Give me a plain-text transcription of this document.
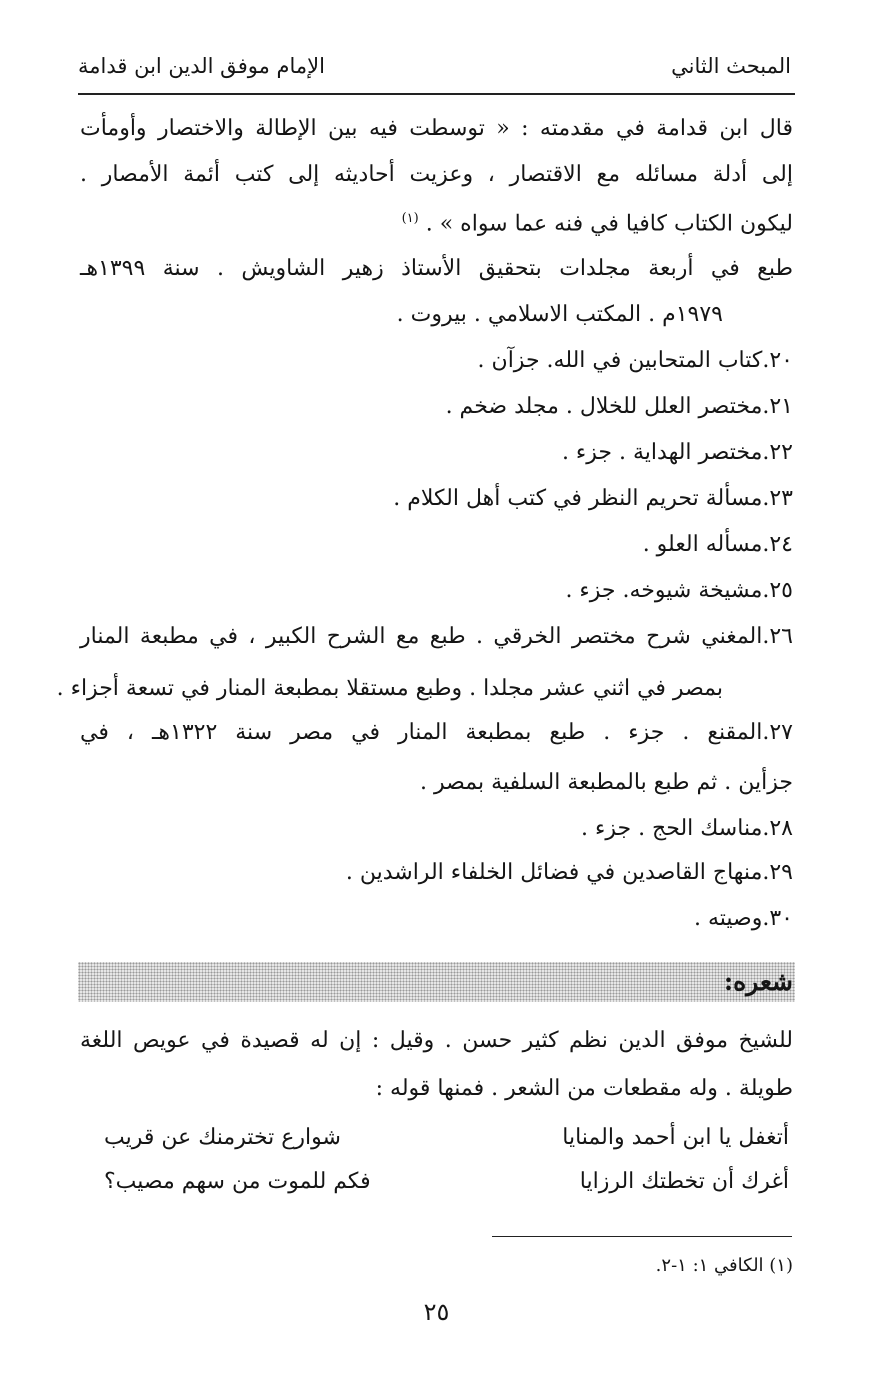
المبحث الثاني
الإمام موفق الدين ابن قدامة
قال ابن قدامة في مقدمته : « توسطت فيه بين الإطالة والاختصار وأومأت
إلى أدلة مسائله مع الاقتصار ، وعزيت أحاديثه إلى كتب أئمة الأمصار .
ليكون الكتاب كافيا في فنه عما سواه » . $^{(١)}$
طبع في أربعة مجلدات بتحقيق الأستاذ زهير الشاويش . سنة ١٣٩٩هـ
١٩٧٩م . المكتب الاسلامي . بيروت .
٢٠.كتاب المتحابين في الله. جزآن .
٢١.مختصر العلل للخلال . مجلد ضخم .
٢٢.مختصر الهداية . جزء .
٢٣.مسألة تحريم النظر في كتب أهل الكلام .
٢٤.مسأله العلو .
٢٥.مشيخة شيوخه. جزء .
٢٦.المغني شرح مختصر الخرقي . طبع مع الشرح الكبير ، في مطبعة المنار
بمصر في اثني عشر مجلدا . وطبع مستقلا بمطبعة المنار في تسعة أجزاء .
٢٧.المقنع . جزء . طبع بمطبعة المنار في مصر سنة ١٣٢٢هـ ، في
جزأين . ثم طبع بالمطبعة السلفية بمصر .
٢٨.مناسك الحج . جزء .
٢٩.منهاج القاصدين في فضائل الخلفاء الراشدين .
٣٠.وصيته .
شعره:
للشيخ موفق الدين نظم كثير حسن . وقيل : إن له قصيدة في عويص اللغة
طويلة . وله مقطعات من الشعر . فمنها قوله :
أتغفل يا ابن أحمد والمنايا
شوارع تخترمنك عن قريب
أغرك أن تخطتك الرزايا
فكم للموت من سهم مصيب؟
(١) الكافي ١: ١-٢.
٢٥
